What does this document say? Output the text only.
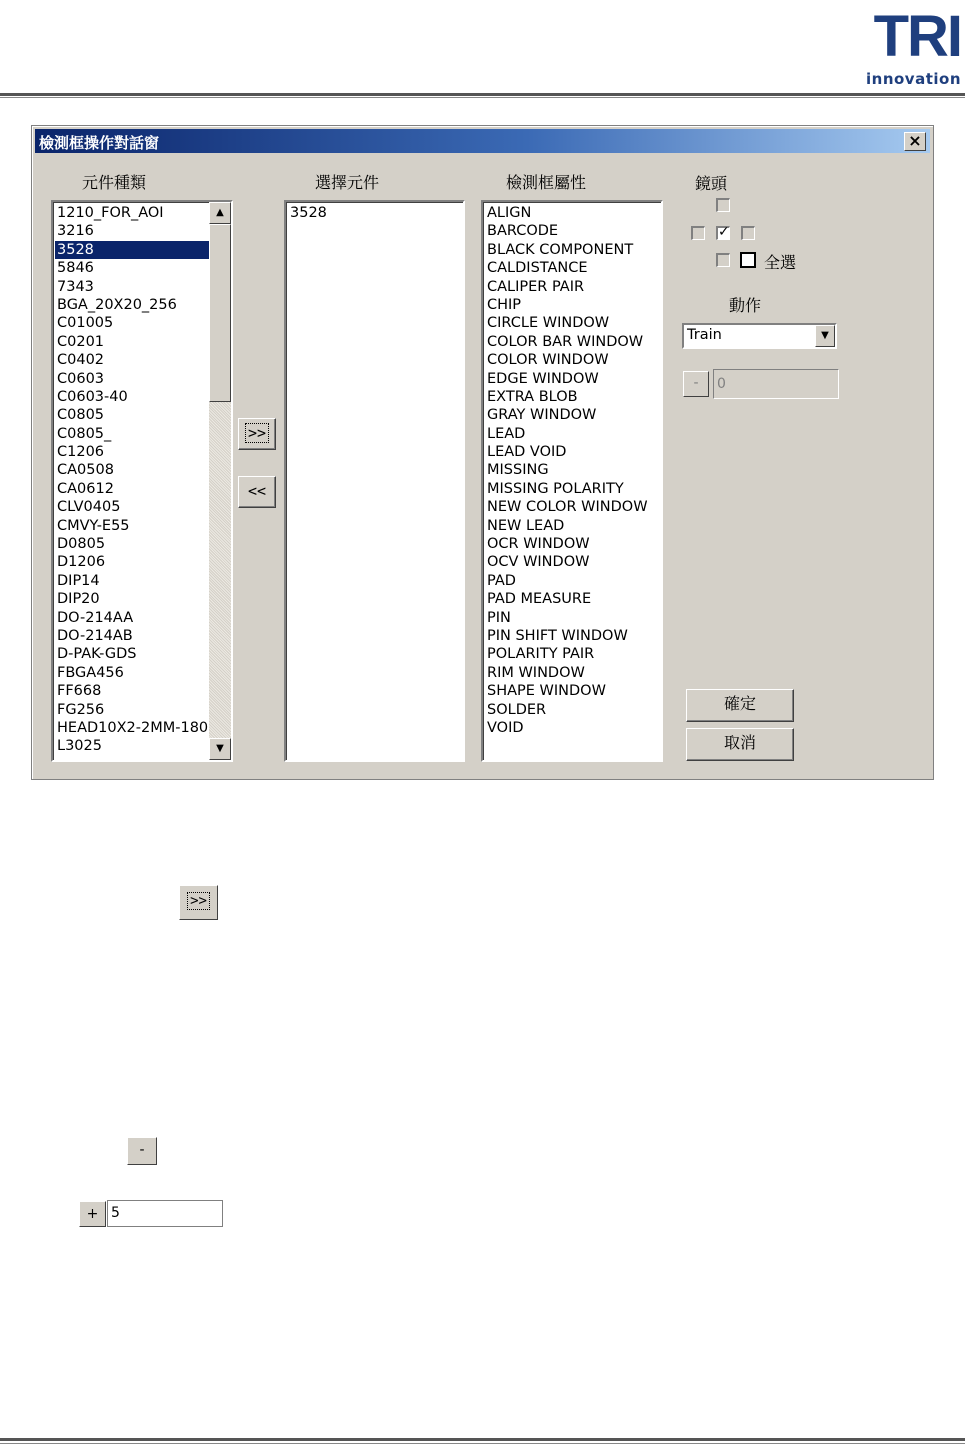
TRI
innovation
檢測框操作對話窗	×
元件種類	選擇元件	檢測框屬性
1210_FOR_AOI
3216
3528
5846
7343
BGA_20X20_256
C01005
C0201
C0402
C0603
C0603-40
C0805
C0805_
C1206
CA0508
CA0612
CLV0405
CMVY-E55
D0805
D1206
DIP14
DIP20
DO-214AA
DO-214AB
D-PAK-GDS
FBGA456
FF668
FG256
HEAD10X2-2MM-180
L3025
▲
▼
>>
<<
3528	ALIGN
BARCODE
BLACK COMPONENT
CALDISTANCE
CALIPER PAIR
CHIP
CIRCLE WINDOW
COLOR BAR WINDOW
COLOR WINDOW
EDGE WINDOW
EXTRA BLOB
GRAY WINDOW
LEAD
LEAD VOID
MISSING
MISSING POLARITY
NEW COLOR WINDOW
NEW LEAD
OCR WINDOW
OCV WINDOW
PAD
PAD MEASURE
PIN
PIN SHIFT WINDOW
POLARITY PAIR
RIM WINDOW
SHAPE WINDOW
SOLDER
VOID
鏡頭
✓
全選
動作
Train	▼
-	0
確定
取消
>>
-
+ 5
